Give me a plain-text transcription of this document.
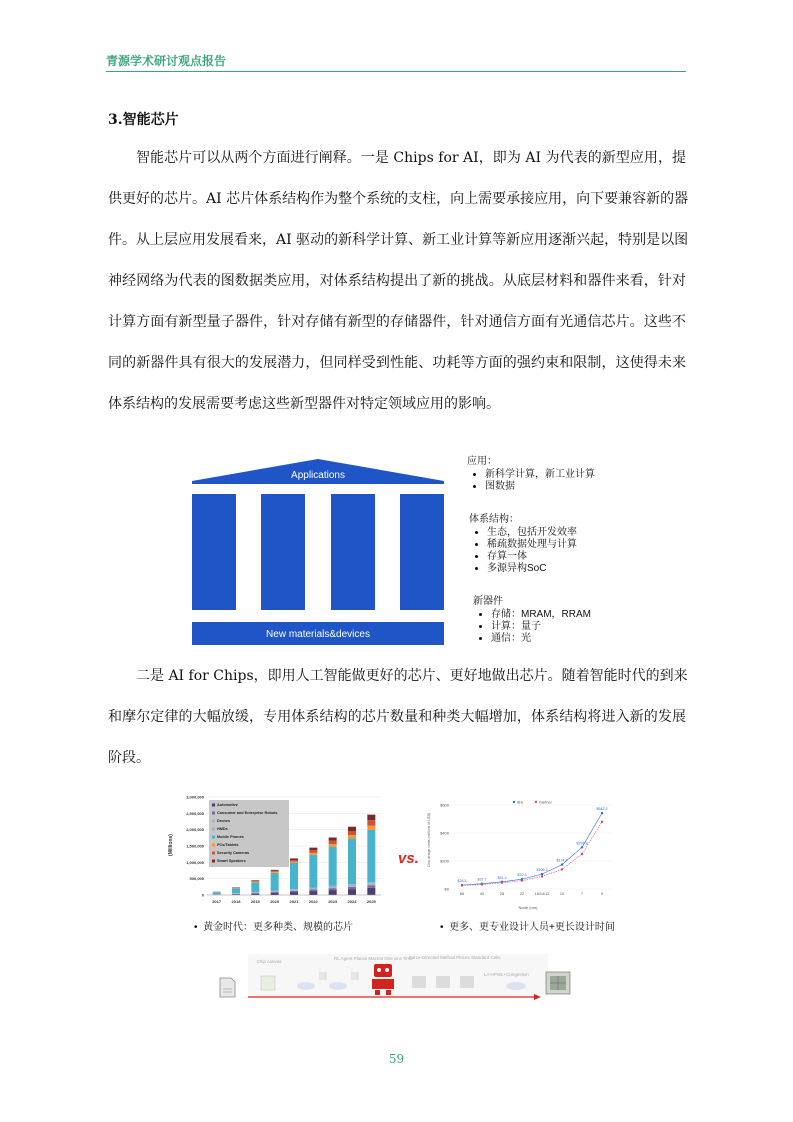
青源学术研讨观点报告
3.智能芯片
智能芯片可以从两个方面进行阐释。一是 Chips for AI，即为 AI 为代表的新型应用，提
供更好的芯片。AI 芯片体系结构作为整个系统的支柱，向上需要承接应用，向下要兼容新的器
件。从上层应用发展看来，AI 驱动的新科学计算、新工业计算等新应用逐渐兴起，特别是以图
神经网络为代表的图数据类应用，对体系结构提出了新的挑战。从底层材料和器件来看，针对
计算方面有新型量子器件，针对存储有新型的存储器件，针对通信方面有光通信芯片。这些不
同的新器件具有很大的发展潜力，但同样受到性能、功耗等方面的强约束和限制，这使得未来
体系结构的发展需要考虑这些新型器件对特定领域应用的影响。
Applications
New materials&devices
应用：
• 新科学计算，新工业计算
• 图数据
体系结构：
• 生态，包括开发效率
• 稀疏数据处理与计算
• 存算一体
• 多源异构SoC
新器件
• 存储：MRAM，RRAM
• 计算：量子
• 通信：光
二是 AI for Chips，即用人工智能做更好的芯片、更好地做出芯片。随着智能时代的到来
和摩尔定律的大幅放缓，专用体系结构的芯片数量和种类大幅增加，体系结构将进入新的发展
阶段。
(Millions)
3,000,000
2,500,000
2,000,000
1,500,000
1,000,000
500,000
0
2017	2018	2019	2020	2021	2022	2023	2024	2025
Automotive
Consumer and Enterprise Robots
Drones
HMDs
Mobile Phones
PCs/Tablets
Security Cameras
Smart Speakers	vs. Chip design costs (millions of US$)
Node (nm)
$600
$400
$200
$0
65	40	28	22	16/14/12	10	7	5
$28.5	$37.7	$51.3
$70.3
$106.3
$174.4
$297.8
$542.2
IBS	Gartner
•  黄金时代：更多种类、规模的芯片	•  更多、更专业设计人员+更长设计时间
Chip canvas
RL Agent Places Macros One at a Time
Force-Directed Method Places Standard Cells
LA HPWL+Congestion
59
